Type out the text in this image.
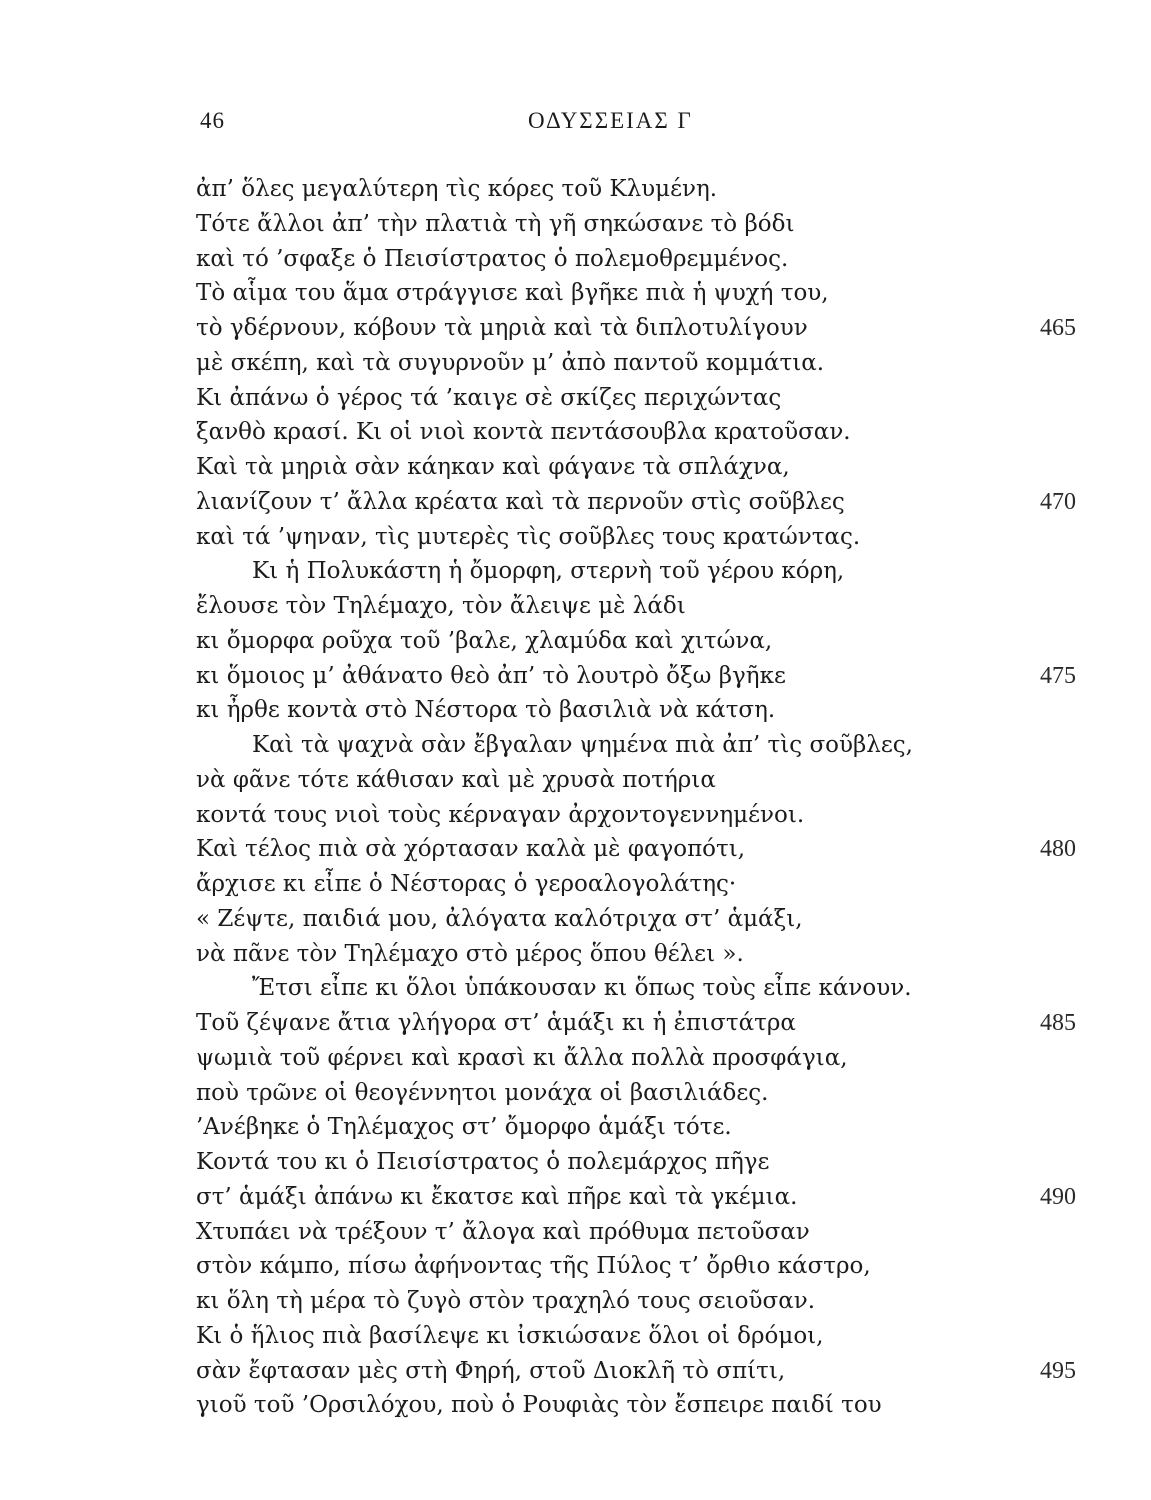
46	ΟΔΥΣΣΕΙΑΣ Γ
ἀπ’ ὅλες μεγαλύτερη τὶς κόρες τοῦ Κλυμένη.
Τότε ἄλλοι ἀπ’ τὴν πλατιὰ τὴ γῆ σηκώσανε τὸ βόδι
καὶ τό ’σφαξε ὁ Πεισίστρατος ὁ πολεμοθρεμμένος.
Τὸ αἷμα του ἅμα στράγγισε καὶ βγῆκε πιὰ ἡ ψυχή του,
τὸ γδέρνουν, κόβουν τὰ μηριὰ καὶ τὰ διπλοτυλίγουν	465
μὲ σκέπη, καὶ τὰ συγυρνοῦν μ’ ἀπὸ παντοῦ κομμάτια.
Κι ἀπάνω ὁ γέρος τά ’καιγε σὲ σκίζες περιχώντας
ξανθὸ κρασί. Κι οἱ νιοὶ κοντὰ πεντάσουβλα κρατοῦσαν.
Καὶ τὰ μηριὰ σὰν κάηκαν καὶ φάγανε τὰ σπλάχνα,
λιανίζουν τ’ ἄλλα κρέατα καὶ τὰ περνοῦν στὶς σοῦβλες	470
καὶ τά ’ψηναν, τὶς μυτερὲς τὶς σοῦβλες τους κρατώντας.
Κι ἡ Πολυκάστη ἡ ὄμορφη, στερνὴ τοῦ γέρου κόρη,
ἔλουσε τὸν Τηλέμαχο, τὸν ἄλειψε μὲ λάδι
κι ὄμορφα ροῦχα τοῦ ’βαλε, χλαμύδα καὶ χιτώνα,
κι ὅμοιος μ’ ἀθάνατο θεὸ ἀπ’ τὸ λουτρὸ ὄξω βγῆκε	475
κι ἦρθε κοντὰ στὸ Νέστορα τὸ βασιλιὰ νὰ κάτση.
Καὶ τὰ ψαχνὰ σὰν ἔβγαλαν ψημένα πιὰ ἀπ’ τὶς σοῦβλες,
νὰ φᾶνε τότε κάθισαν καὶ μὲ χρυσὰ ποτήρια
κοντά τους νιοὶ τοὺς κέρναγαν ἀρχοντογεννημένοι.
Καὶ τέλος πιὰ σὰ χόρτασαν καλὰ μὲ φαγοπότι,	480
ἄρχισε κι εἶπε ὁ Νέστορας ὁ γεροαλογολάτης·
« Ζέψτε, παιδιά μου, ἀλόγατα καλότριχα στ’ ἁμάξι,
νὰ πᾶνε τὸν Τηλέμαχο στὸ μέρος ὅπου θέλει ».
Ἔτσι εἶπε κι ὅλοι ὑπάκουσαν κι ὅπως τοὺς εἶπε κάνουν.
Τοῦ ζέψανε ἄτια γλήγορα στ’ ἁμάξι κι ἡ ἐπιστάτρα	485
ψωμιὰ τοῦ φέρνει καὶ κρασὶ κι ἄλλα πολλὰ προσφάγια,
ποὺ τρῶνε οἱ θεογέννητοι μονάχα οἱ βασιλιάδες.
’Ανέβηκε ὁ Τηλέμαχος στ’ ὄμορφο ἁμάξι τότε.
Κοντά του κι ὁ Πεισίστρατος ὁ πολεμάρχος πῆγε
στ’ ἁμάξι ἀπάνω κι ἔκατσε καὶ πῆρε καὶ τὰ γκέμια.	490
Χτυπάει νὰ τρέξουν τ’ ἄλογα καὶ πρόθυμα πετοῦσαν
στὸν κάμπο, πίσω ἀφήνοντας τῆς Πύλος τ’ ὄρθιο κάστρο,
κι ὅλη τὴ μέρα τὸ ζυγὸ στὸν τραχηλό τους σειοῦσαν.
Κι ὁ ἥλιος πιὰ βασίλεψε κι ἰσκιώσανε ὅλοι οἱ δρόμοι,
σὰν ἔφτασαν μὲς στὴ Φηρή, στοῦ Διοκλῆ τὸ σπίτι,	495
γιοῦ τοῦ ’Ορσιλόχου, ποὺ ὁ Ρουφιὰς τὸν ἔσπειρε παιδί του
